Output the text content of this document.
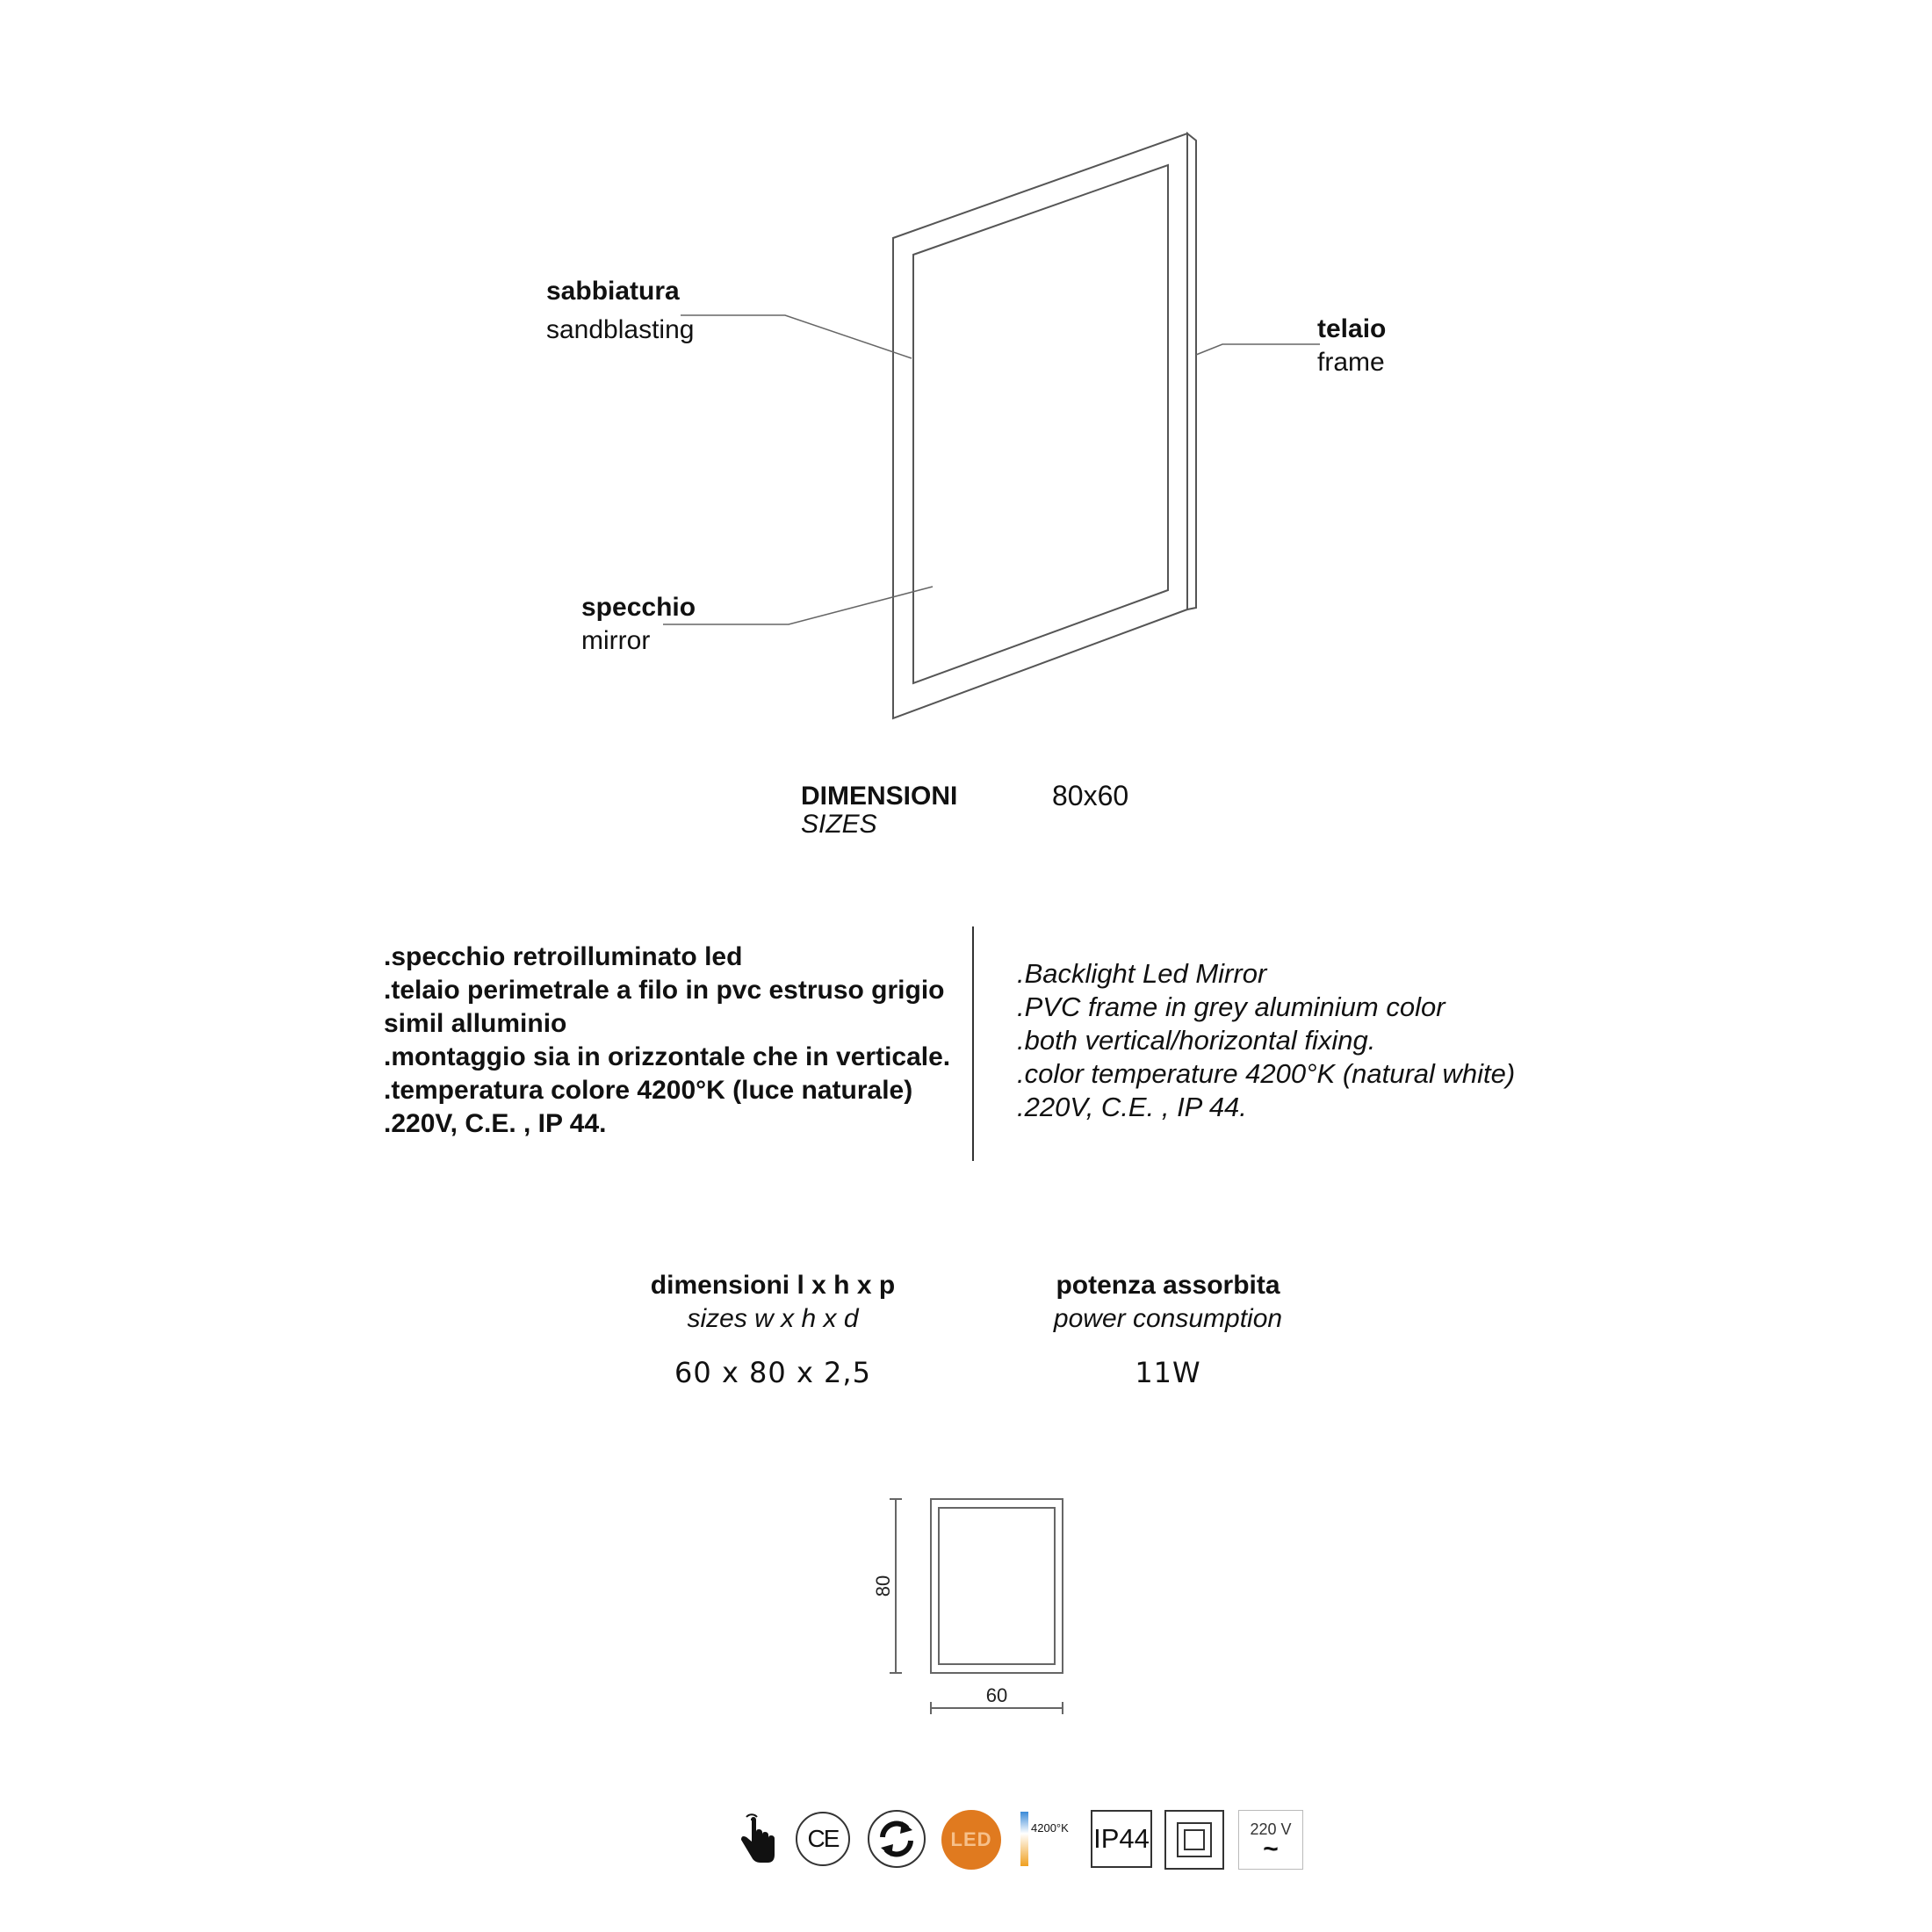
sabbiatura
sandblasting	telaio
frame
specchio
mirror
DIMENSIONI
SIZES
80x60
.specchio retroilluminato led
.telaio perimetrale a filo in pvc estruso grigio
simil alluminio
.montaggio sia in orizzontale che in verticale.
.temperatura colore 4200°K (luce naturale)
.220V, C.E. , IP 44.
.Backlight Led Mirror
.PVC frame in grey aluminium color
.both vertical/horizontal fixing.
.color temperature 4200°K (natural white)
.220V, C.E. , IP 44.
dimensioni l x h x p
sizes w x h x d
60 x 80 x 2,5
potenza assorbita
power consumption
11W
80
60
CE	LED
4200°K IP44	220 V
~
